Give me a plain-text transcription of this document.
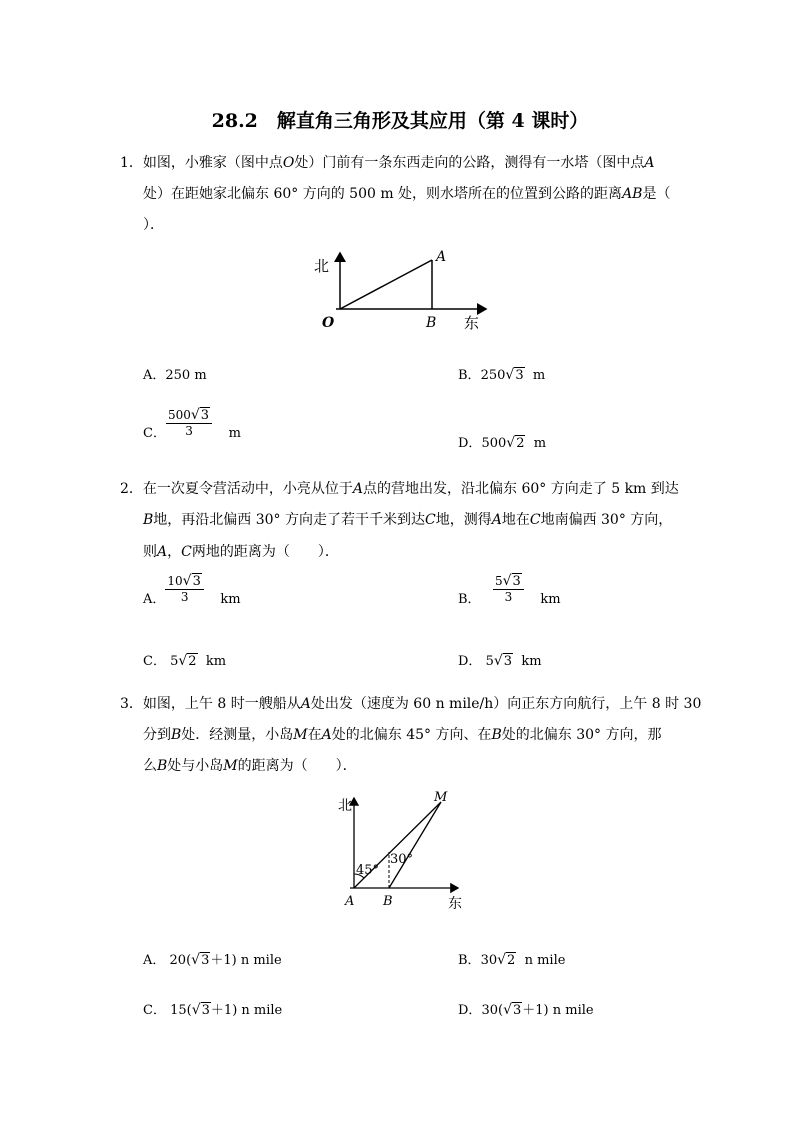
28.2　解直角三角形及其应用（第 4 课时）
1．如图，小雅家（图中点O处）门前有一条东西走向的公路，测得有一水塔（图中点A
处）在距她家北偏东 60° 方向的 500 m 处，则水塔所在的位置到公路的距离AB是（
）．
北
东
O
A
B
A．250 m	B．250√3 m
C． $\frac{500√3}{3}$ m
D．500√2 m
2．在一次夏令营活动中，小亮从位于A点的营地出发，沿北偏东 60° 方向走了 5 km 到达
B地，再沿北偏西 30° 方向走了若干千米到达C地，测得A地在C地南偏西 30° 方向，
则A，C两地的距离为（　　）．
A． $\frac{10√3}{3}$ km	B． $\frac{5√3}{3}$ km
C． 5√2 km	D． 5√3 km
3．如图，上午 8 时一艘船从A处出发（速度为 60 n mile/h）向正东方向航行，上午 8 时 30
分到B处．经测量，小岛M在A处的北偏东 45° 方向、在B处的北偏东 30° 方向，那
么B处与小岛M的距离为（　　）．
北
东
A B
M
45°
30°
A． 20(√3＋1) n mile	B．30√2 n mile
C． 15(√3＋1) n mile	D．30(√3＋1) n mile
